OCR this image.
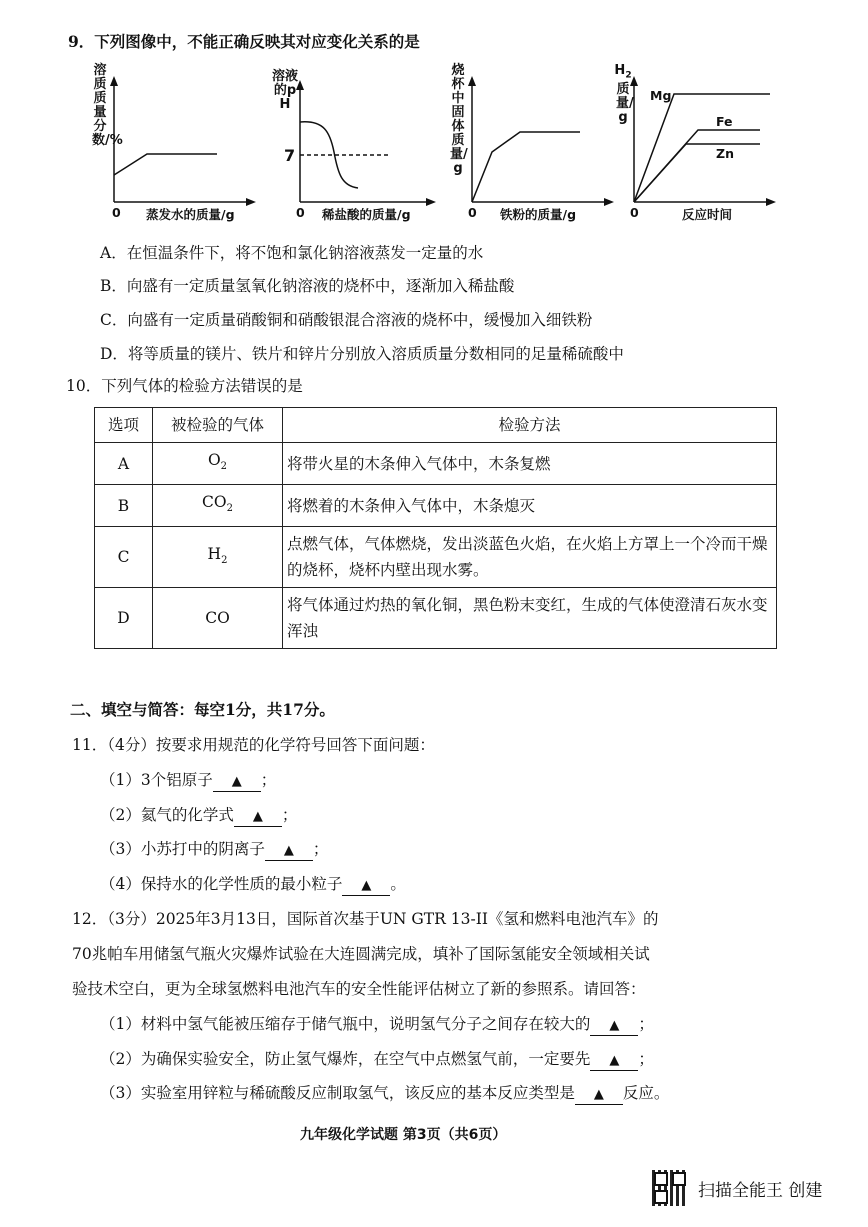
9．下列图像中，不能正确反映其对应变化关系的是
溶质质量分数/%
0 蒸发水的质量/g
溶液的pH
7
0 稀盐酸的质量/g
烧杯中固体质量/g
0 铁粉的质量/g
$H_2$

质量/g
Mg
Fe
Zn
0	反应时间
A．在恒温条件下，将不饱和氯化钠溶液蒸发一定量的水
B．向盛有一定质量氢氧化钠溶液的烧杯中，逐渐加入稀盐酸
C．向盛有一定质量硝酸铜和硝酸银混合溶液的烧杯中，缓慢加入细铁粉
D．将等质量的镁片、铁片和锌片分别放入溶质质量分数相同的足量稀硫酸中
10．下列气体的检验方法错误的是
选项	被检验的气体	检验方法
A	$O_2$	将带火星的木条伸入气体中，木条复燃
B	$CO_2$	将燃着的木条伸入气体中，木条熄灭
C	$H_2$	点燃气体，气体燃烧，发出淡蓝色火焰，在火焰上方罩上一个冷而干燥的烧杯，烧杯内壁出现水雾。
D	CO	将气体通过灼热的氧化铜，黑色粉末变红，生成的气体使澄清石灰水变浑浊
二、填空与简答：每空1分，共17分。
11．（4分）按要求用规范的化学符号回答下面问题：
（1）3个铝原子 ▲ ；
（2）氦气的化学式 ▲ ；
（3）小苏打中的阴离子 ▲ ；
（4）保持水的化学性质的最小粒子 ▲ 。
12．（3分）2025年3月13日，国际首次基于UN GTR 13-II《氢和燃料电池汽车》的
70兆帕车用储氢气瓶火灾爆炸试验在大连圆满完成，填补了国际氢能安全领域相关试
验技术空白，更为全球氢燃料电池汽车的安全性能评估树立了新的参照系。请回答：
（1）材料中氢气能被压缩存于储气瓶中，说明氢气分子之间存在较大的 ▲ ；
（2）为确保实验安全，防止氢气爆炸，在空气中点燃氢气前，一定要先 ▲ ；
（3）实验室用锌粒与稀硫酸反应制取氢气，该反应的基本反应类型是 ▲ 反应。
九年级化学试题 第3页（共6页）
扫描全能王 创建
